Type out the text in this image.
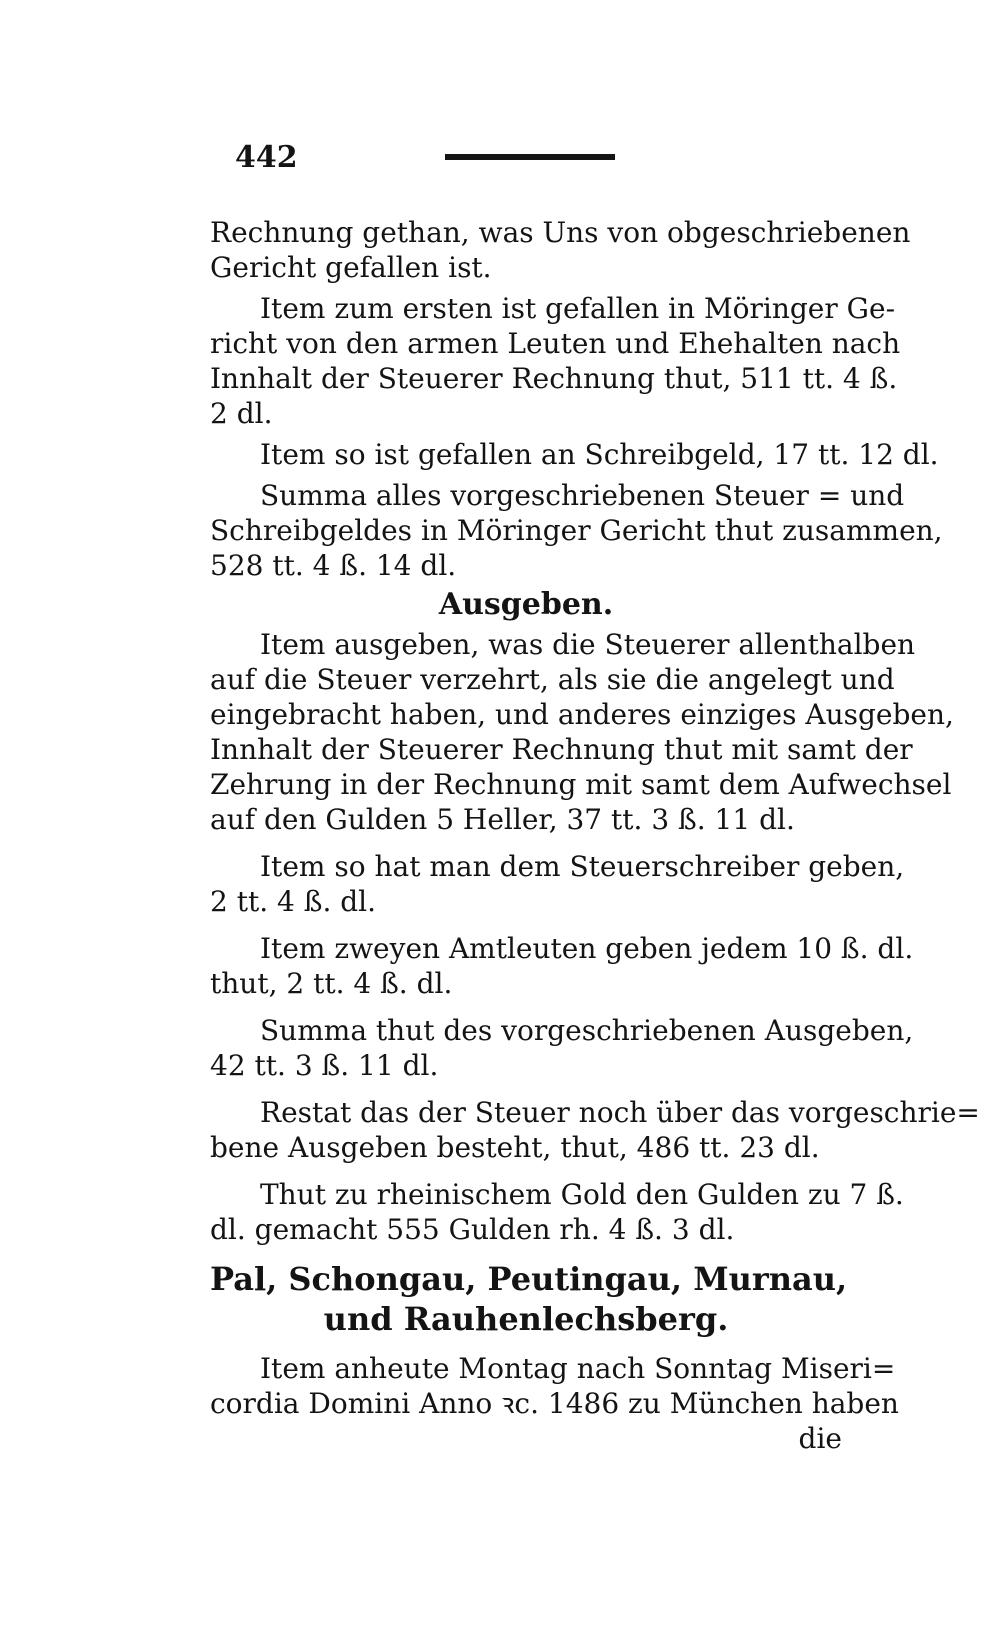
442
Rechnung gethan, was Uns von obgeschriebenen
Gericht gefallen ist.
Item zum ersten ist gefallen in Möringer Ge-
richt von den armen Leuten und Ehehalten nach
Innhalt der Steuerer Rechnung thut, 511 tt. 4 ß.
2 dl.
Item so ist gefallen an Schreibgeld, 17 tt. 12 dl.
Summa alles vorgeschriebenen Steuer = und
Schreibgeldes in Möringer Gericht thut zusammen,
528 tt. 4 ß. 14 dl.
Ausgeben.
Item ausgeben, was die Steuerer allenthalben
auf die Steuer verzehrt, als sie die angelegt und
eingebracht haben, und anderes einziges Ausgeben,
Innhalt der Steuerer Rechnung thut mit samt der
Zehrung in der Rechnung mit samt dem Aufwechsel
auf den Gulden 5 Heller, 37 tt. 3 ß. 11 dl.
Item so hat man dem Steuerschreiber geben,
2 tt. 4 ß. dl.
Item zweyen Amtleuten geben jedem 10 ß. dl.
thut, 2 tt. 4 ß. dl.
Summa thut des vorgeschriebenen Ausgeben,
42 tt. 3 ß. 11 dl.
Restat das der Steuer noch über das vorgeschrie=
bene Ausgeben besteht, thut, 486 tt. 23 dl.
Thut zu rheinischem Gold den Gulden zu 7 ß.
dl. gemacht 555 Gulden rh. 4 ß. 3 dl.
Pal, Schongau, Peutingau, Murnau,
und Rauhenlechsberg.
Item anheute Montag nach Sonntag Miseri=
cordia Domini Anno ꝛc. 1486 zu München haben
die
